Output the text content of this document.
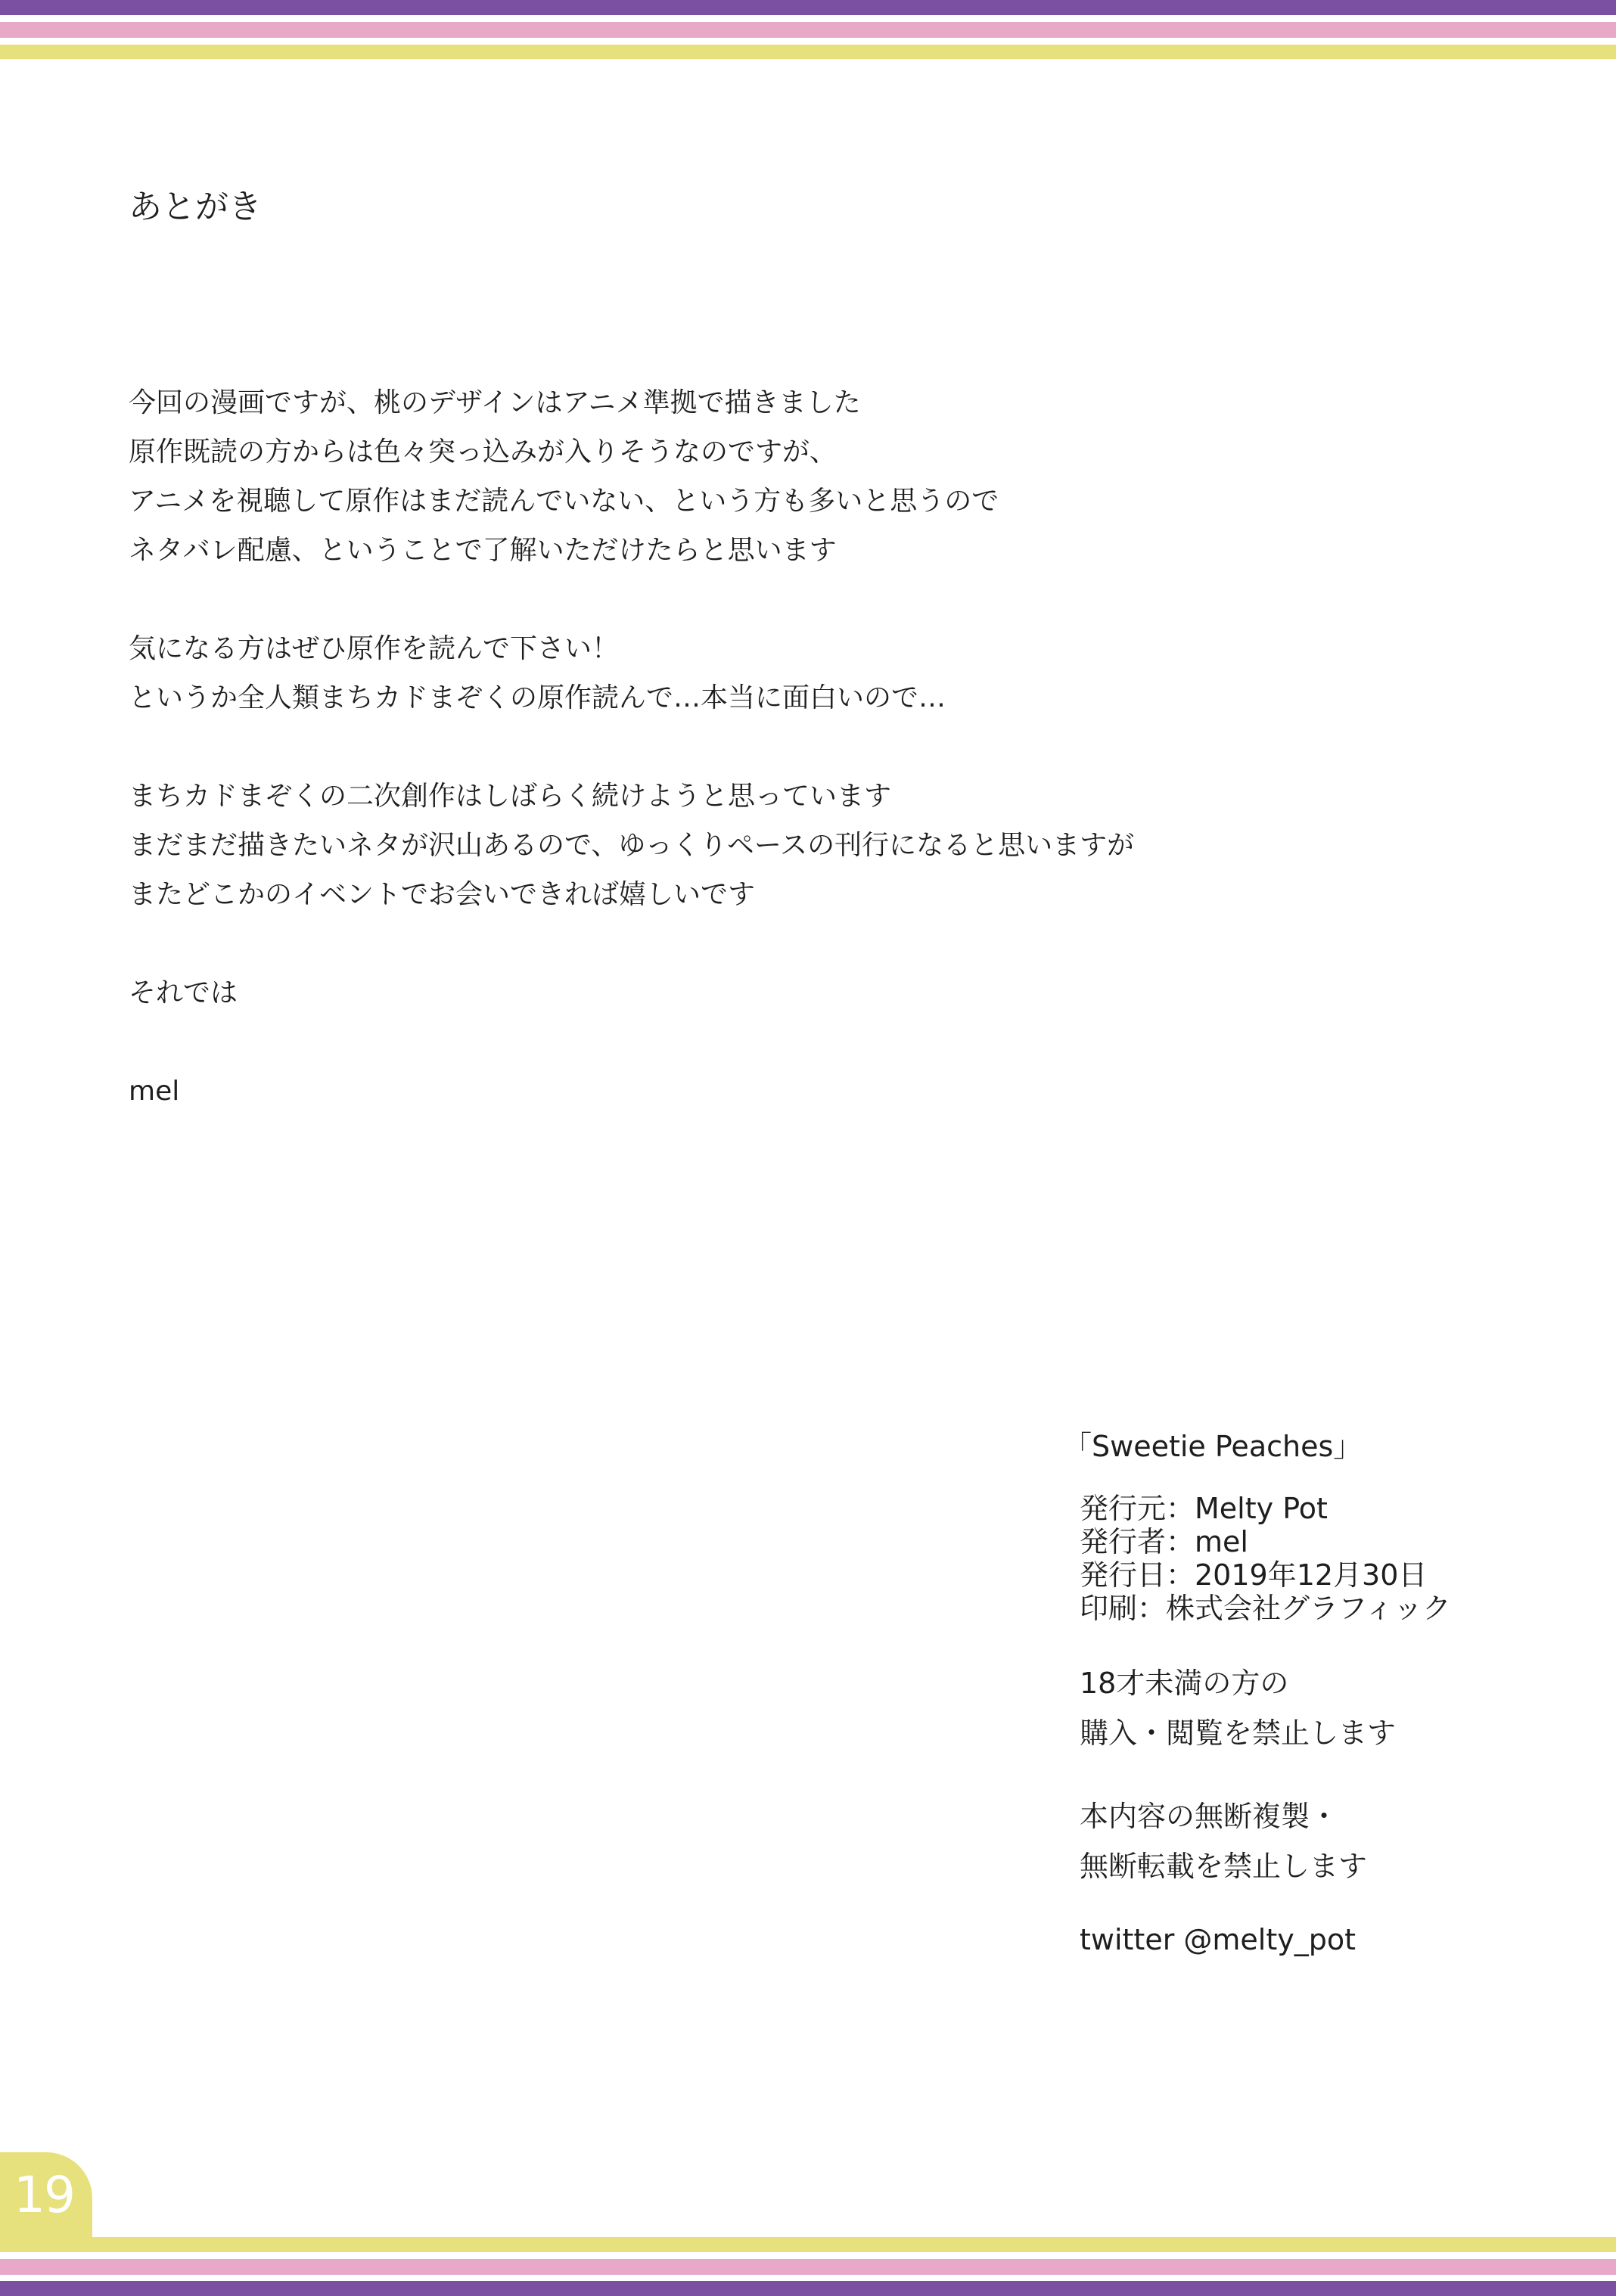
あとがき
今回の漫画ですが、桃のデザインはアニメ準拠で描きました
原作既読の方からは色々突っ込みが入りそうなのですが、
アニメを視聴して原作はまだ読んでいない、という方も多いと思うので
ネタバレ配慮、ということで了解いただけたらと思います
気になる方はぜひ原作を読んで下さい！
というか全人類まちカドまぞくの原作読んで…本当に面白いので…
まちカドまぞくの二次創作はしばらく続けようと思っています
まだまだ描きたいネタが沢山あるので、ゆっくりペースの刊行になると思いますが
またどこかのイベントでお会いできれば嬉しいです
それでは
mel
「Sweetie Peaches」
発行元：Melty Pot
発行者：mel
発行日：2019年12月30日
印刷：株式会社グラフィック
18才未満の方の
購入・閲覧を禁止します
本内容の無断複製・
無断転載を禁止します
twitter @melty_pot
19
